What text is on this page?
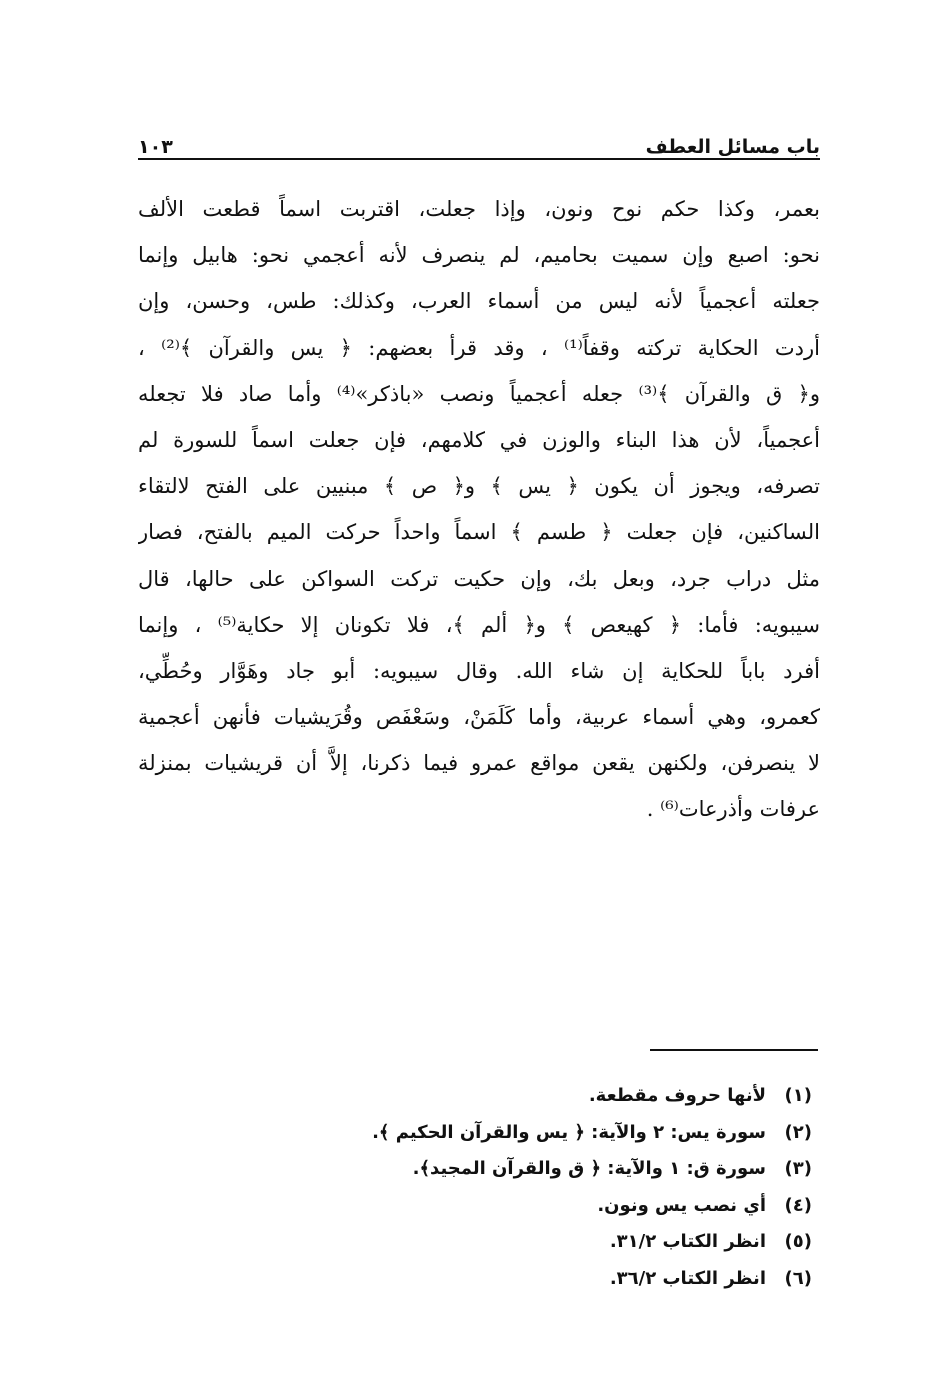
باب مسائل العطف
١٠٣
بعمر، وكذا حكم نوح ونون، وإذا جعلت، اقتربت اسماً قطعت الألف
نحو: اصبع وإن سميت بحاميم، لم ينصرف لأنه أعجمي نحو: هابيل وإنما
جعلته أعجمياً لأنه ليس من أسماء العرب، وكذلك: طس، وحسن، وإن
أردت الحكاية تركته وقفاً⁽¹⁾ ، وقد قرأ بعضهم: ﴿ يس والقرآن ﴾⁽²⁾ ،
و﴿ ق والقرآن ﴾⁽³⁾ جعله أعجمياً ونصب «باذكر»⁽⁴⁾ وأما صاد فلا تجعله
أعجمياً، لأن هذا البناء والوزن في كلامهم، فإن جعلت اسماً للسورة لم
تصرفه، ويجوز أن يكون ﴿ يس ﴾ و﴿ ص ﴾ مبنيين على الفتح لالتقاء
الساكنين، فإن جعلت ﴿ طسم ﴾ اسماً واحداً حركت الميم بالفتح، فصار
مثل دراب جرد، وبعل بك، وإن حكيت تركت السواكن على حالها، قال
سيبويه: فأما: ﴿ كهيعص ﴾ و﴿ ألم ﴾، فلا تكونان إلا حكاية⁽⁵⁾ ، وإنما
أفرد باباً للحكاية إن شاء الله. وقال سيبويه: أبو جاد وهَوَّار وحُطِّي،
كعمرو، وهي أسماء عربية، وأما كَلَمَنْ، وسَعْفَص وقُرَيشيات فأنهن أعجمية
لا ينصرفن، ولكنهن يقعن مواقع عمرو فيما ذكرنا، إلاَّ أن قريشيات بمنزلة
عرفات وأذرعات⁽⁶⁾ .
(١)لأنها حروف مقطعة.
(٢)سورة يس: ٢ والآية: ﴿ يس والقرآن الحكيم ﴾.
(٣)سورة ق: ١ والآية: ﴿ ق والقرآن المجيد﴾.
(٤)أي نصب يس ونون.
(٥)انظر الكتاب ٣١/٢.
(٦)انظر الكتاب ٣٦/٢.
